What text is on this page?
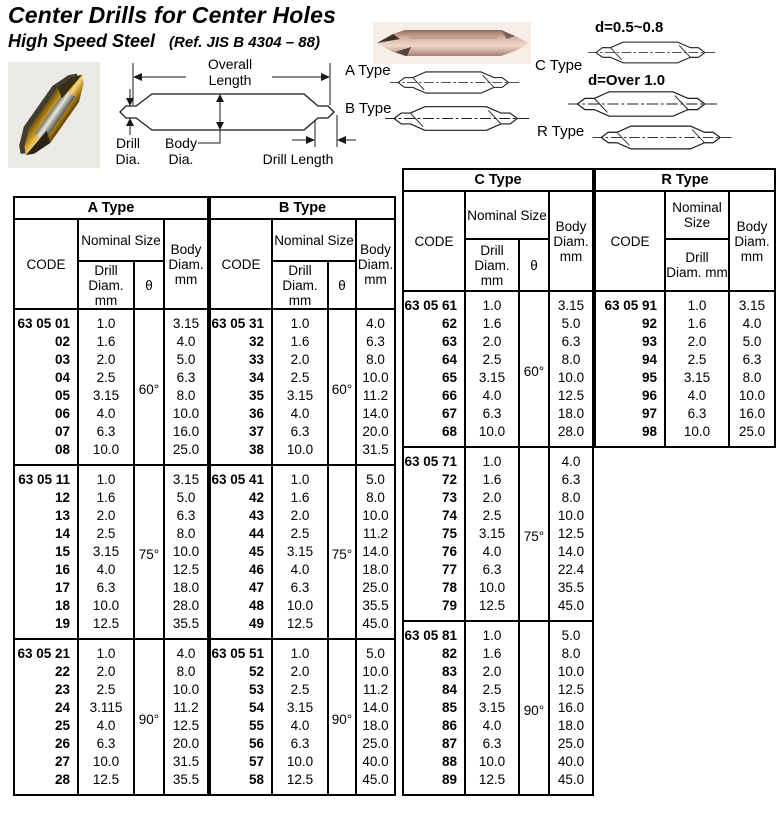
Center Drills for Center Holes
High Speed Steel (Ref. JIS B 4304 – 88)
Overall Length
Drill Dia.
Body Dia.	Drill Length
A Type
B Type
C Type
R Type
d=0.5~0.8
d=Over 1.0
A Type			
CODE	Nominal Size		Body Diam. mm
	Drill Diam. mm	θ	
63 05 01	1.0	60°	3.15
02	1.6		4.0
03	2.0		5.0
04	2.5		6.3
05	3.15		8.0
06	4.0		10.0
07	6.3		16.0
08	10.0		25.0
63 05 11	1.0	75°	3.15
12	1.6		5.0
13	2.0		6.3
14	2.5		8.0
15	3.15		10.0
16	4.0		12.5
17	6.3		18.0
18	10.0		28.0
19	12.5		35.5
63 05 21	1.0	90°	4.0
22	2.0		8.0
23	2.5		10.0
24	3.115		11.2
25	4.0		12.5
26	6.3		20.0
27	10.0		31.5
28	12.5		35.5
B Type			
CODE	Nominal Size		Body Diam. mm
	Drill Diam. mm	θ	
63 05 31	1.0	60°	4.0
32	1.6		6.3
33	2.0		8.0
34	2.5		10.0
35	3.15		11.2
36	4.0		14.0
37	6.3		20.0
38	10.0		31.5
63 05 41	1.0	75°	5.0
42	1.6		8.0
43	2.0		10.0
44	2.5		11.2
45	3.15		14.0
46	4.0		18.0
47	6.3		25.0
48	10.0		35.5
49	12.5		45.0
63 05 51	1.0	90°	5.0
52	2.0		10.0
53	2.5		11.2
54	3.15		14.0
55	4.0		18.0
56	6.3		25.0
57	10.0		40.0
58	12.5		45.0
C Type			
CODE	Nominal Size		Body Diam. mm
	Drill Diam. mm	θ	
63 05 61	1.0	60°	3.15
62	1.6		5.0
63	2.0		6.3
64	2.5		8.0
65	3.15		10.0
66	4.0		12.5
67	6.3		18.0
68	10.0		28.0
63 05 71	1.0	75°	4.0
72	1.6		6.3
73	2.0		8.0
74	2.5		10.0
75	3.15		12.5
76	4.0		14.0
77	6.3		22.4
78	10.0		35.5
79	12.5		45.0
63 05 81	1.0	90°	5.0
82	1.6		8.0
83	2.0		10.0
84	2.5		12.5
85	3.15		16.0
86	4.0		18.0
87	6.3		25.0
88	10.0		40.0
89	12.5		45.0
R Type		
CODE	Nominal Size	Body Diam. mm
	Drill Diam. mm	
63 05 91	1.0	3.15
92	1.6	4.0
93	2.0	5.0
94	2.5	6.3
95	3.15	8.0
96	4.0	10.0
97	6.3	16.0
98	10.0	25.0
